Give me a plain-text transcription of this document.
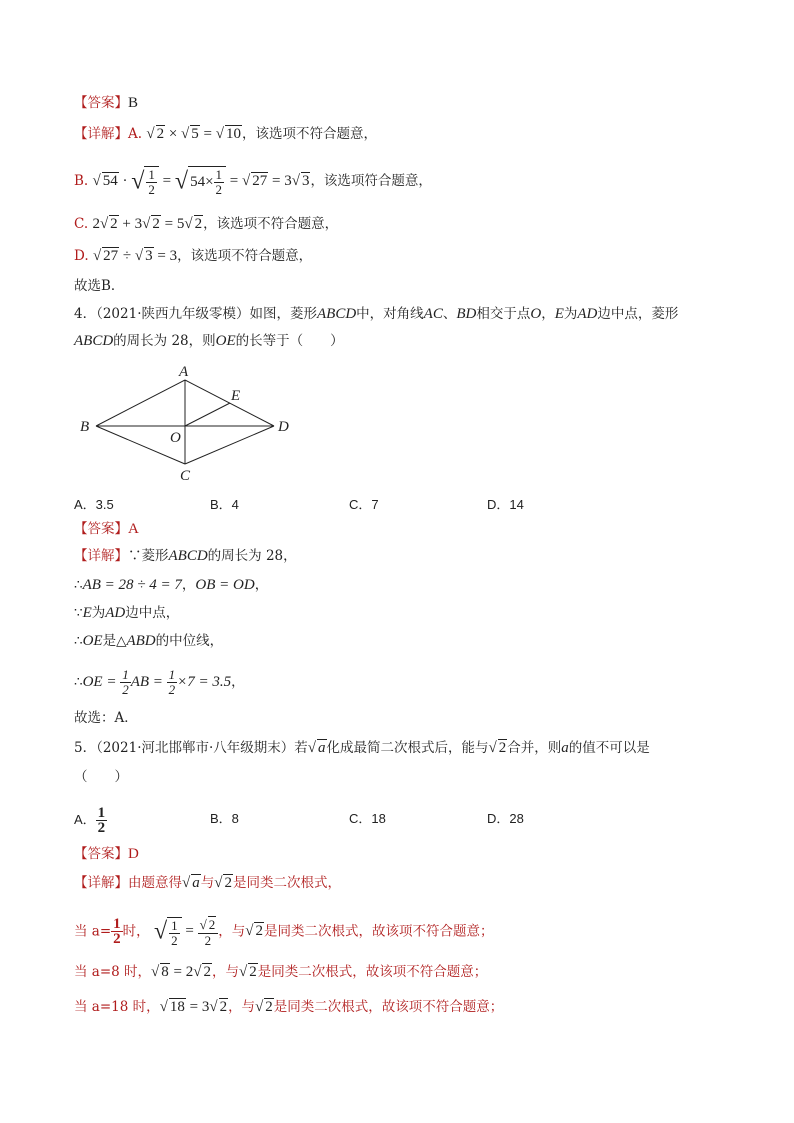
【答案】B
【详解】A. √ 2 × √ 5 = √ 10，该选项不符合题意，
B. √ 54 · √ $\frac{1}{2}$ = √ $54\times \frac{1}{2}$ = √ 27 = 3√ 3，该选项符合题意，
C. 2√ 2 + 3√ 2 = 5√ 2，该选项不符合题意，
D. √ 27 ÷ √ 3 = 3，该选项不符合题意，
故选B．
4．（2021·陕西九年级零模）如图，菱形ABCD中，对角线AC、BD相交于点O，E为AD边中点，菱形
ABCD的周长为 28，则OE的长等于（　　）
A
B
C
D
E
O
A．3.5	B．4	C．7	D．14
【答案】A
【详解】∵菱形ABCD的周长为 28，
∴AB = 28 ÷ 4 = 7，OB = OD，
∵E为AD边中点，
∴OE是△ABD的中位线，
∴OE = $\frac{1}{2}$ AB = $\frac{1}{2} \times 7 = 3.5$，
故选：A．
5．（2021·河北邯郸市·八年级期末）若√ a化成最简二次根式后，能与√ 2合并，则a的值不可以是
（　　）
A． $\frac{1}{2}$	B．8	C．18	D．28
【答案】D
【详解】由题意得√ a与√ 2是同类二次根式，
当 $a= \frac{1}{2}$ 时， √ $\frac{1}{2} = \frac{√ 2}{2}$ ，与√ 2是同类二次根式，故该项不符合题意；
当 a=8 时，√ 8 = 2√ 2，与√ 2是同类二次根式，故该项不符合题意；
当 a=18 时，√ 18 = 3√ 2，与√ 2是同类二次根式，故该项不符合题意；
